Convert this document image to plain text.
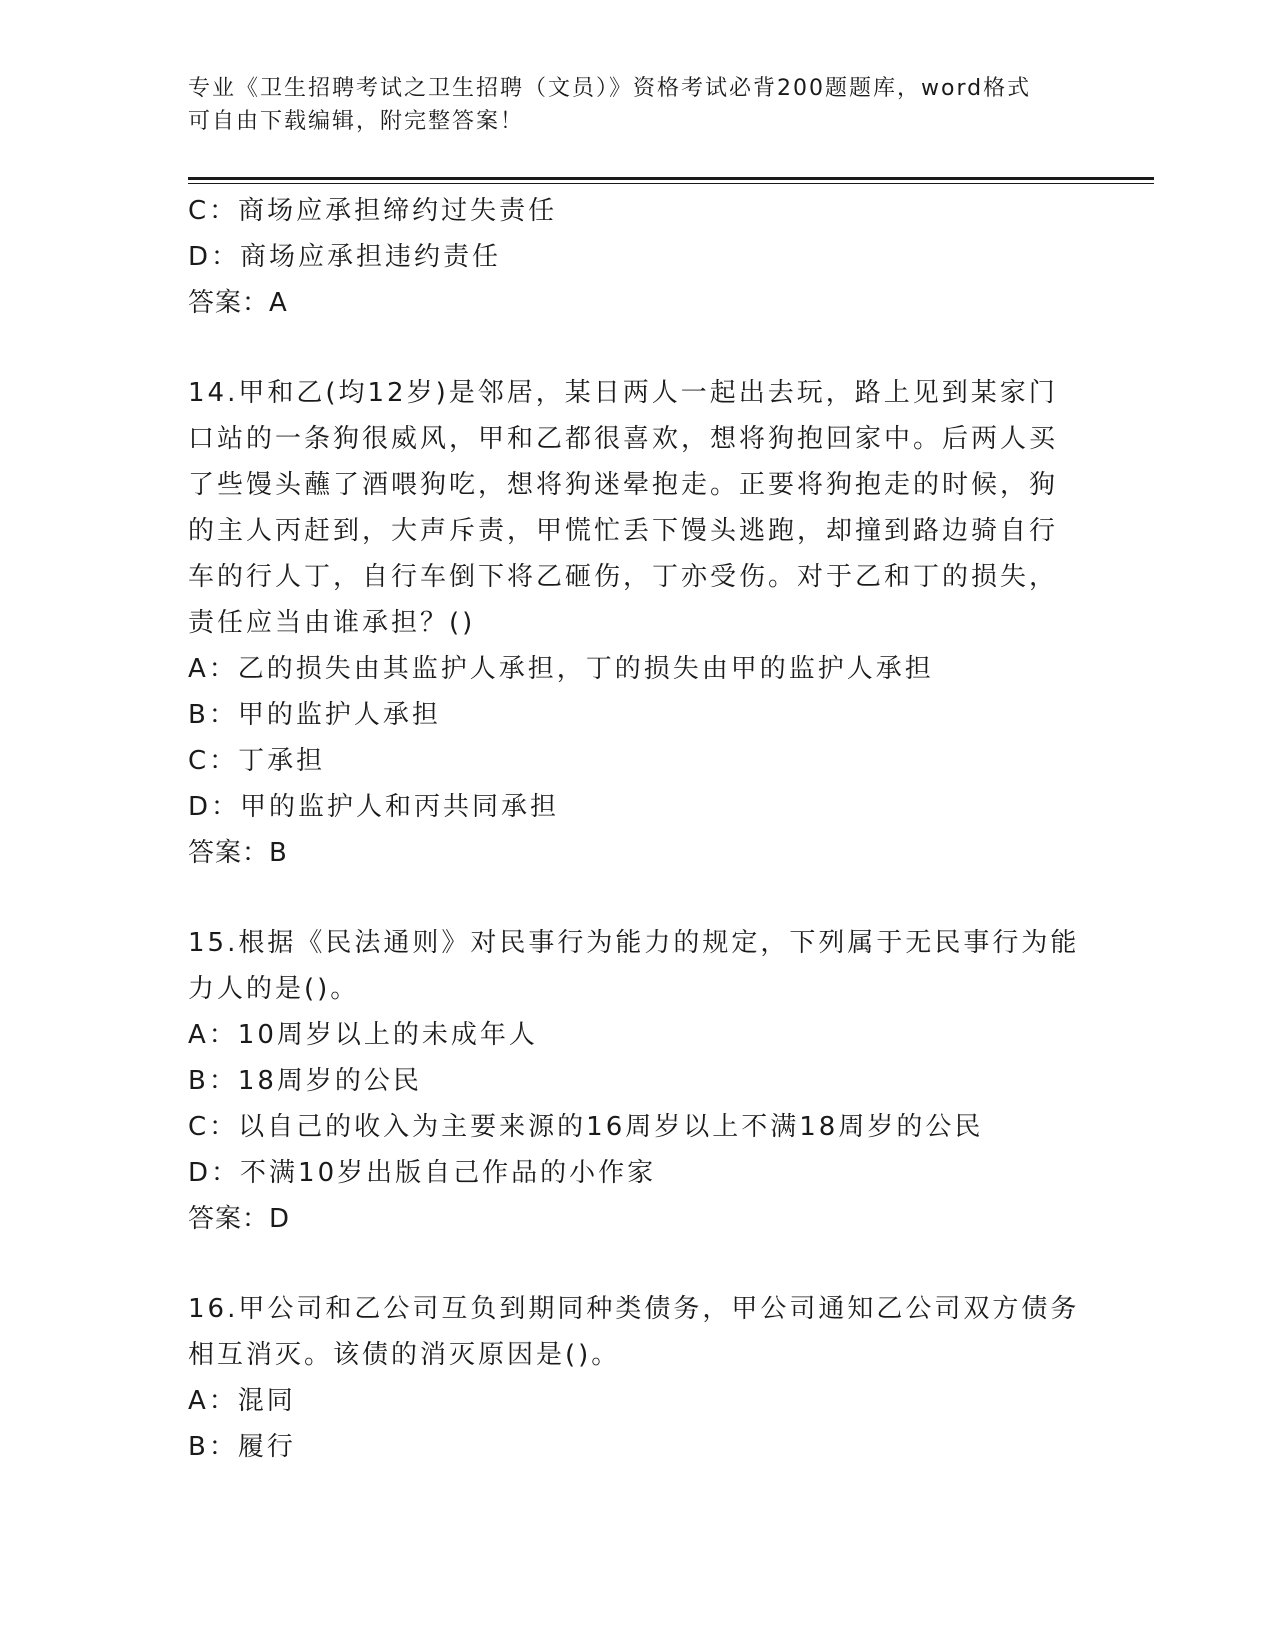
专业《卫生招聘考试之卫生招聘（文员）》资格考试必背200题题库，word格式
可自由下载编辑，附完整答案！
C：商场应承担缔约过失责任
D：商场应承担违约责任
答案：A
14.甲和乙(均12岁)是邻居，某日两人一起出去玩，路上见到某家门
口站的一条狗很威风，甲和乙都很喜欢，想将狗抱回家中。后两人买
了些馒头蘸了酒喂狗吃，想将狗迷晕抱走。正要将狗抱走的时候，狗
的主人丙赶到，大声斥责，甲慌忙丢下馒头逃跑，却撞到路边骑自行
车的行人丁，自行车倒下将乙砸伤，丁亦受伤。对于乙和丁的损失，
责任应当由谁承担？()
A：乙的损失由其监护人承担，丁的损失由甲的监护人承担
B：甲的监护人承担
C：丁承担
D：甲的监护人和丙共同承担
答案：B
15.根据《民法通则》对民事行为能力的规定，下列属于无民事行为能
力人的是()。
A：10周岁以上的未成年人
B：18周岁的公民
C：以自己的收入为主要来源的16周岁以上不满18周岁的公民
D：不满10岁出版自己作品的小作家
答案：D
16.甲公司和乙公司互负到期同种类债务，甲公司通知乙公司双方债务
相互消灭。该债的消灭原因是()。
A：混同
B：履行
